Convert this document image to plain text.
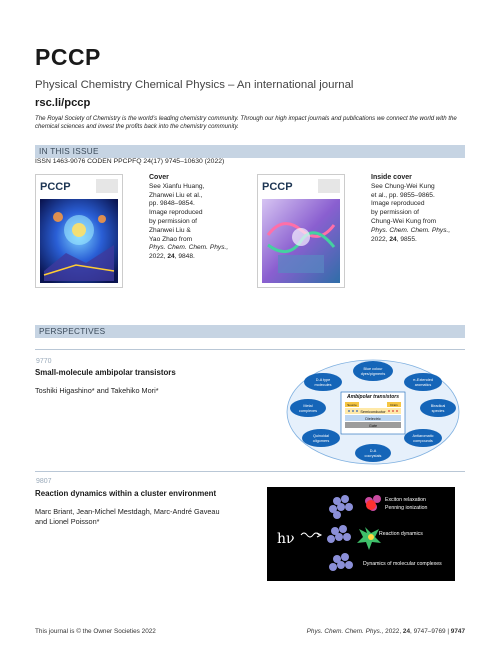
PCCP
Physical Chemistry Chemical Physics – An international journal
rsc.li/pccp
The Royal Society of Chemistry is the world’s leading chemistry community. Through our high impact journals and publications we connect the world with the chemical sciences and invest the profits back into the chemistry community.
IN THIS ISSUE
ISSN 1463-9076 CODEN PPCPFQ 24(17) 9745–10630 (2022)
PCCP
Cover
See Xianfu Huang,
Zhanwei Liu et al.,
pp. 9848–9854.
Image reproduced
by permission of
Zhanwei Liu &
Yao Zhao from
Phys. Chem. Chem. Phys.,
2022, 24, 9848.
PCCP
Inside cover
See Chung-Wei Kung
et al., pp. 9855–9865.
Image reproduced
by permission of
Chung-Wei Kung from
Phys. Chem. Chem. Phys.,
2022, 24, 9855.
PERSPECTIVES
9770
Small-molecule ambipolar transistors
Toshiki Higashino* and Takehiko Mori*
Ambipolar transistors
Source	Drain
Semiconductor
Dielectric
Gate
Blue colour
dyes/pigments
π-Extended
aromatics
Biradical
species
Antiaromatic
compounds
D-A
cocrystals
Quinoidal
oligomers
Metal
complexes
D-A type
molecules
9807
Reaction dynamics within a cluster environment
Marc Briant, Jean-Michel Mestdagh, Marc-André Gaveau
and Lionel Poisson*
hν
Exciton relaxation
Penning ionization
Reaction dynamics
Dynamics of molecular complexes
This journal is © the Owner Societies 2022	Phys. Chem. Chem. Phys., 2022, 24, 9747–9769 | 9747
